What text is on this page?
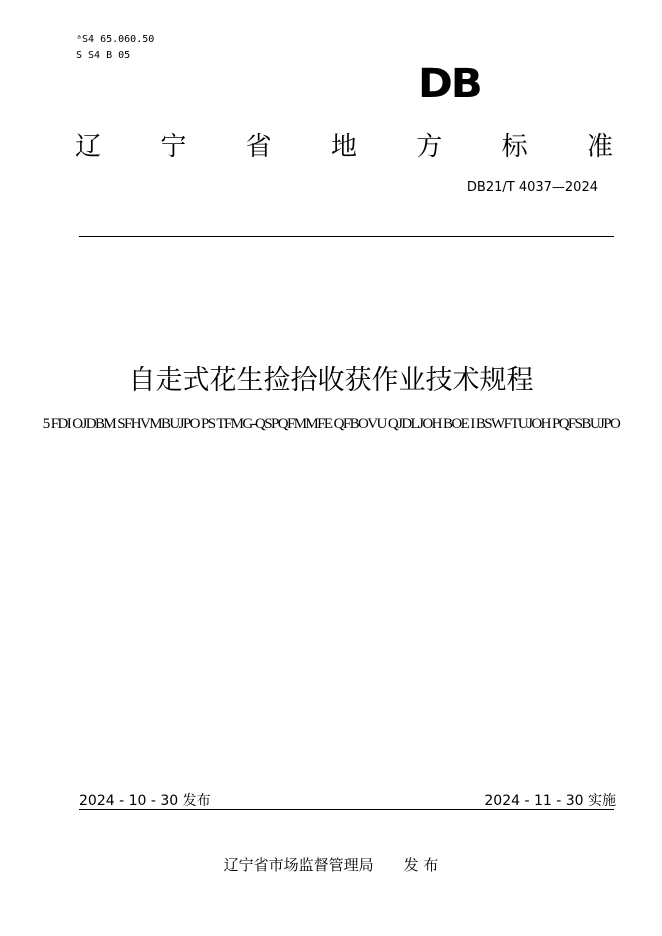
ᵃS4 65.060.50
S S4 B 05
DB
辽 宁 省 地 方 标 准
DB21/T 4037—2024
自走式花生捡拾收获作业技术规程
5 FDI OJDBM SFHVMBUJPO PS TFMG-QSPQFMMFE QFBOVU QJDLJOH BOE I BSWFTUJOH PQFSBUJPO
2024 - 10 - 30 发布	2024 - 11 - 30 实施
辽宁省市场监督管理局 发 布
